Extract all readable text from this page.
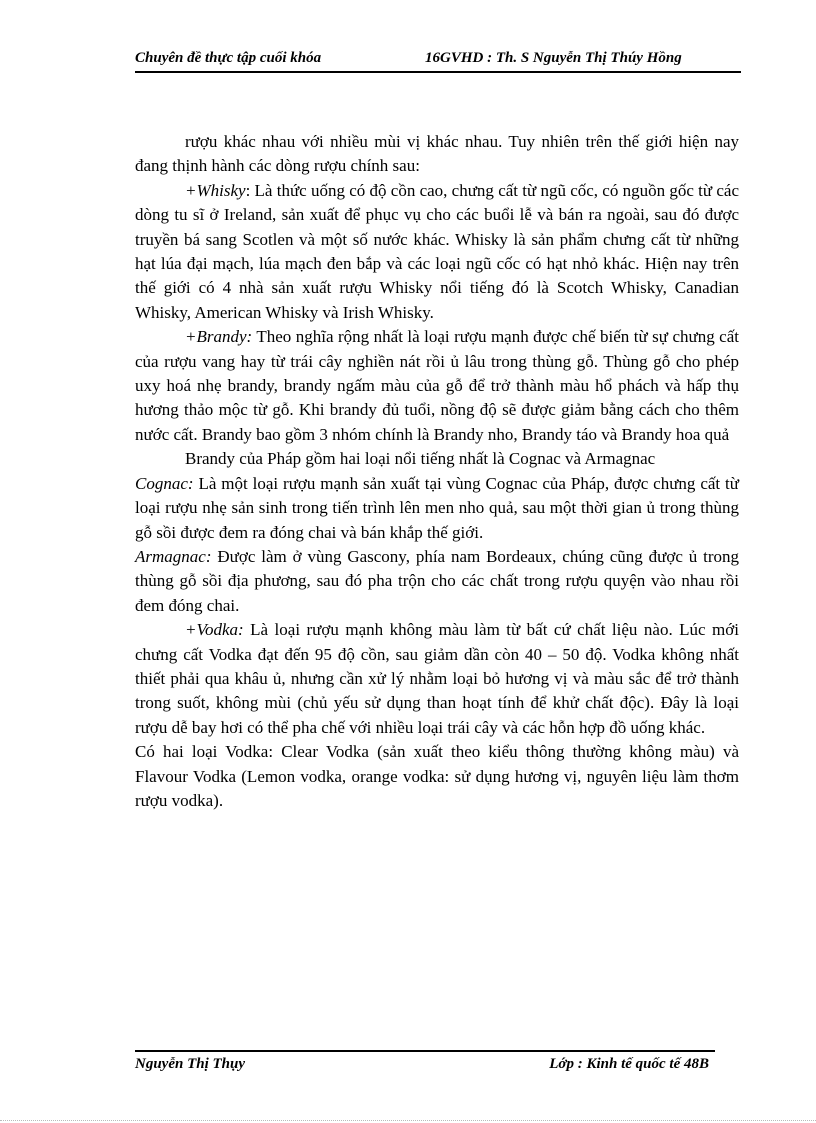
Chuyên đề thực tập cuối khóa	16GVHD : Th. S Nguyễn Thị Thúy Hồng

rượu khác nhau với nhiều mùi vị khác nhau. Tuy nhiên trên thế giới hiện nay đang thịnh hành các dòng rượu chính sau:

+Whisky: Là thức uống có độ cồn cao, chưng cất từ ngũ cốc, có nguồn gốc từ các dòng tu sĩ ở Ireland, sản xuất để phục vụ cho các buổi lễ và bán ra ngoài, sau đó được truyền bá sang Scotlen và một số nước khác. Whisky là sản phẩm chưng cất từ những hạt lúa đại mạch, lúa mạch đen bắp và các loại ngũ cốc có hạt nhỏ khác. Hiện nay trên thế giới có 4 nhà sản xuất rượu Whisky nổi tiếng đó là Scotch Whisky, Canadian Whisky, American Whisky và Irish Whisky.

+Brandy: Theo nghĩa rộng nhất là loại rượu mạnh được chế biến từ sự chưng cất của rượu vang hay từ trái cây nghiền nát rồi ủ lâu trong thùng gỗ. Thùng gỗ cho phép uxy hoá nhẹ brandy, brandy ngấm màu của gỗ để trở thành màu hổ phách và hấp thụ hương thảo mộc từ gỗ. Khi brandy đủ tuổi, nồng độ sẽ được giảm bằng cách cho thêm nước cất. Brandy bao gồm 3 nhóm chính là Brandy nho, Brandy táo và Brandy hoa quả

Brandy của Pháp gồm hai loại nổi tiếng nhất là Cognac và Armagnac

Cognac: Là một loại rượu mạnh sản xuất tại vùng Cognac của Pháp, được chưng cất từ loại rượu nhẹ sản sinh trong tiến trình lên men nho quả, sau một thời gian ủ trong thùng gỗ sồi được đem ra đóng chai và bán khắp thế giới.

Armagnac: Được làm ở vùng Gascony, phía nam Bordeaux, chúng cũng được ủ trong thùng gỗ sồi địa phương, sau đó pha trộn cho các chất trong rượu quyện vào nhau rồi đem đóng chai.

+Vodka: Là loại rượu mạnh không màu làm từ bất cứ chất liệu nào. Lúc mới chưng cất Vodka đạt đến 95 độ cồn, sau giảm dần còn 40 – 50 độ. Vodka không nhất thiết phải qua khâu ủ, nhưng cần xử lý nhằm loại bỏ hương vị và màu sắc để trở thành trong suốt, không mùi (chủ yếu sử dụng than hoạt tính để khử chất độc). Đây là loại rượu dễ bay hơi có thể pha chế với nhiều loại trái cây và các hỗn hợp đồ uống khác.

Có hai loại Vodka: Clear Vodka (sản xuất theo kiểu thông thường không màu) và Flavour Vodka (Lemon vodka, orange vodka: sử dụng hương vị, nguyên liệu làm thơm rượu vodka).

Nguyễn Thị Thụy	Lớp : Kinh tế quốc tế 48B
